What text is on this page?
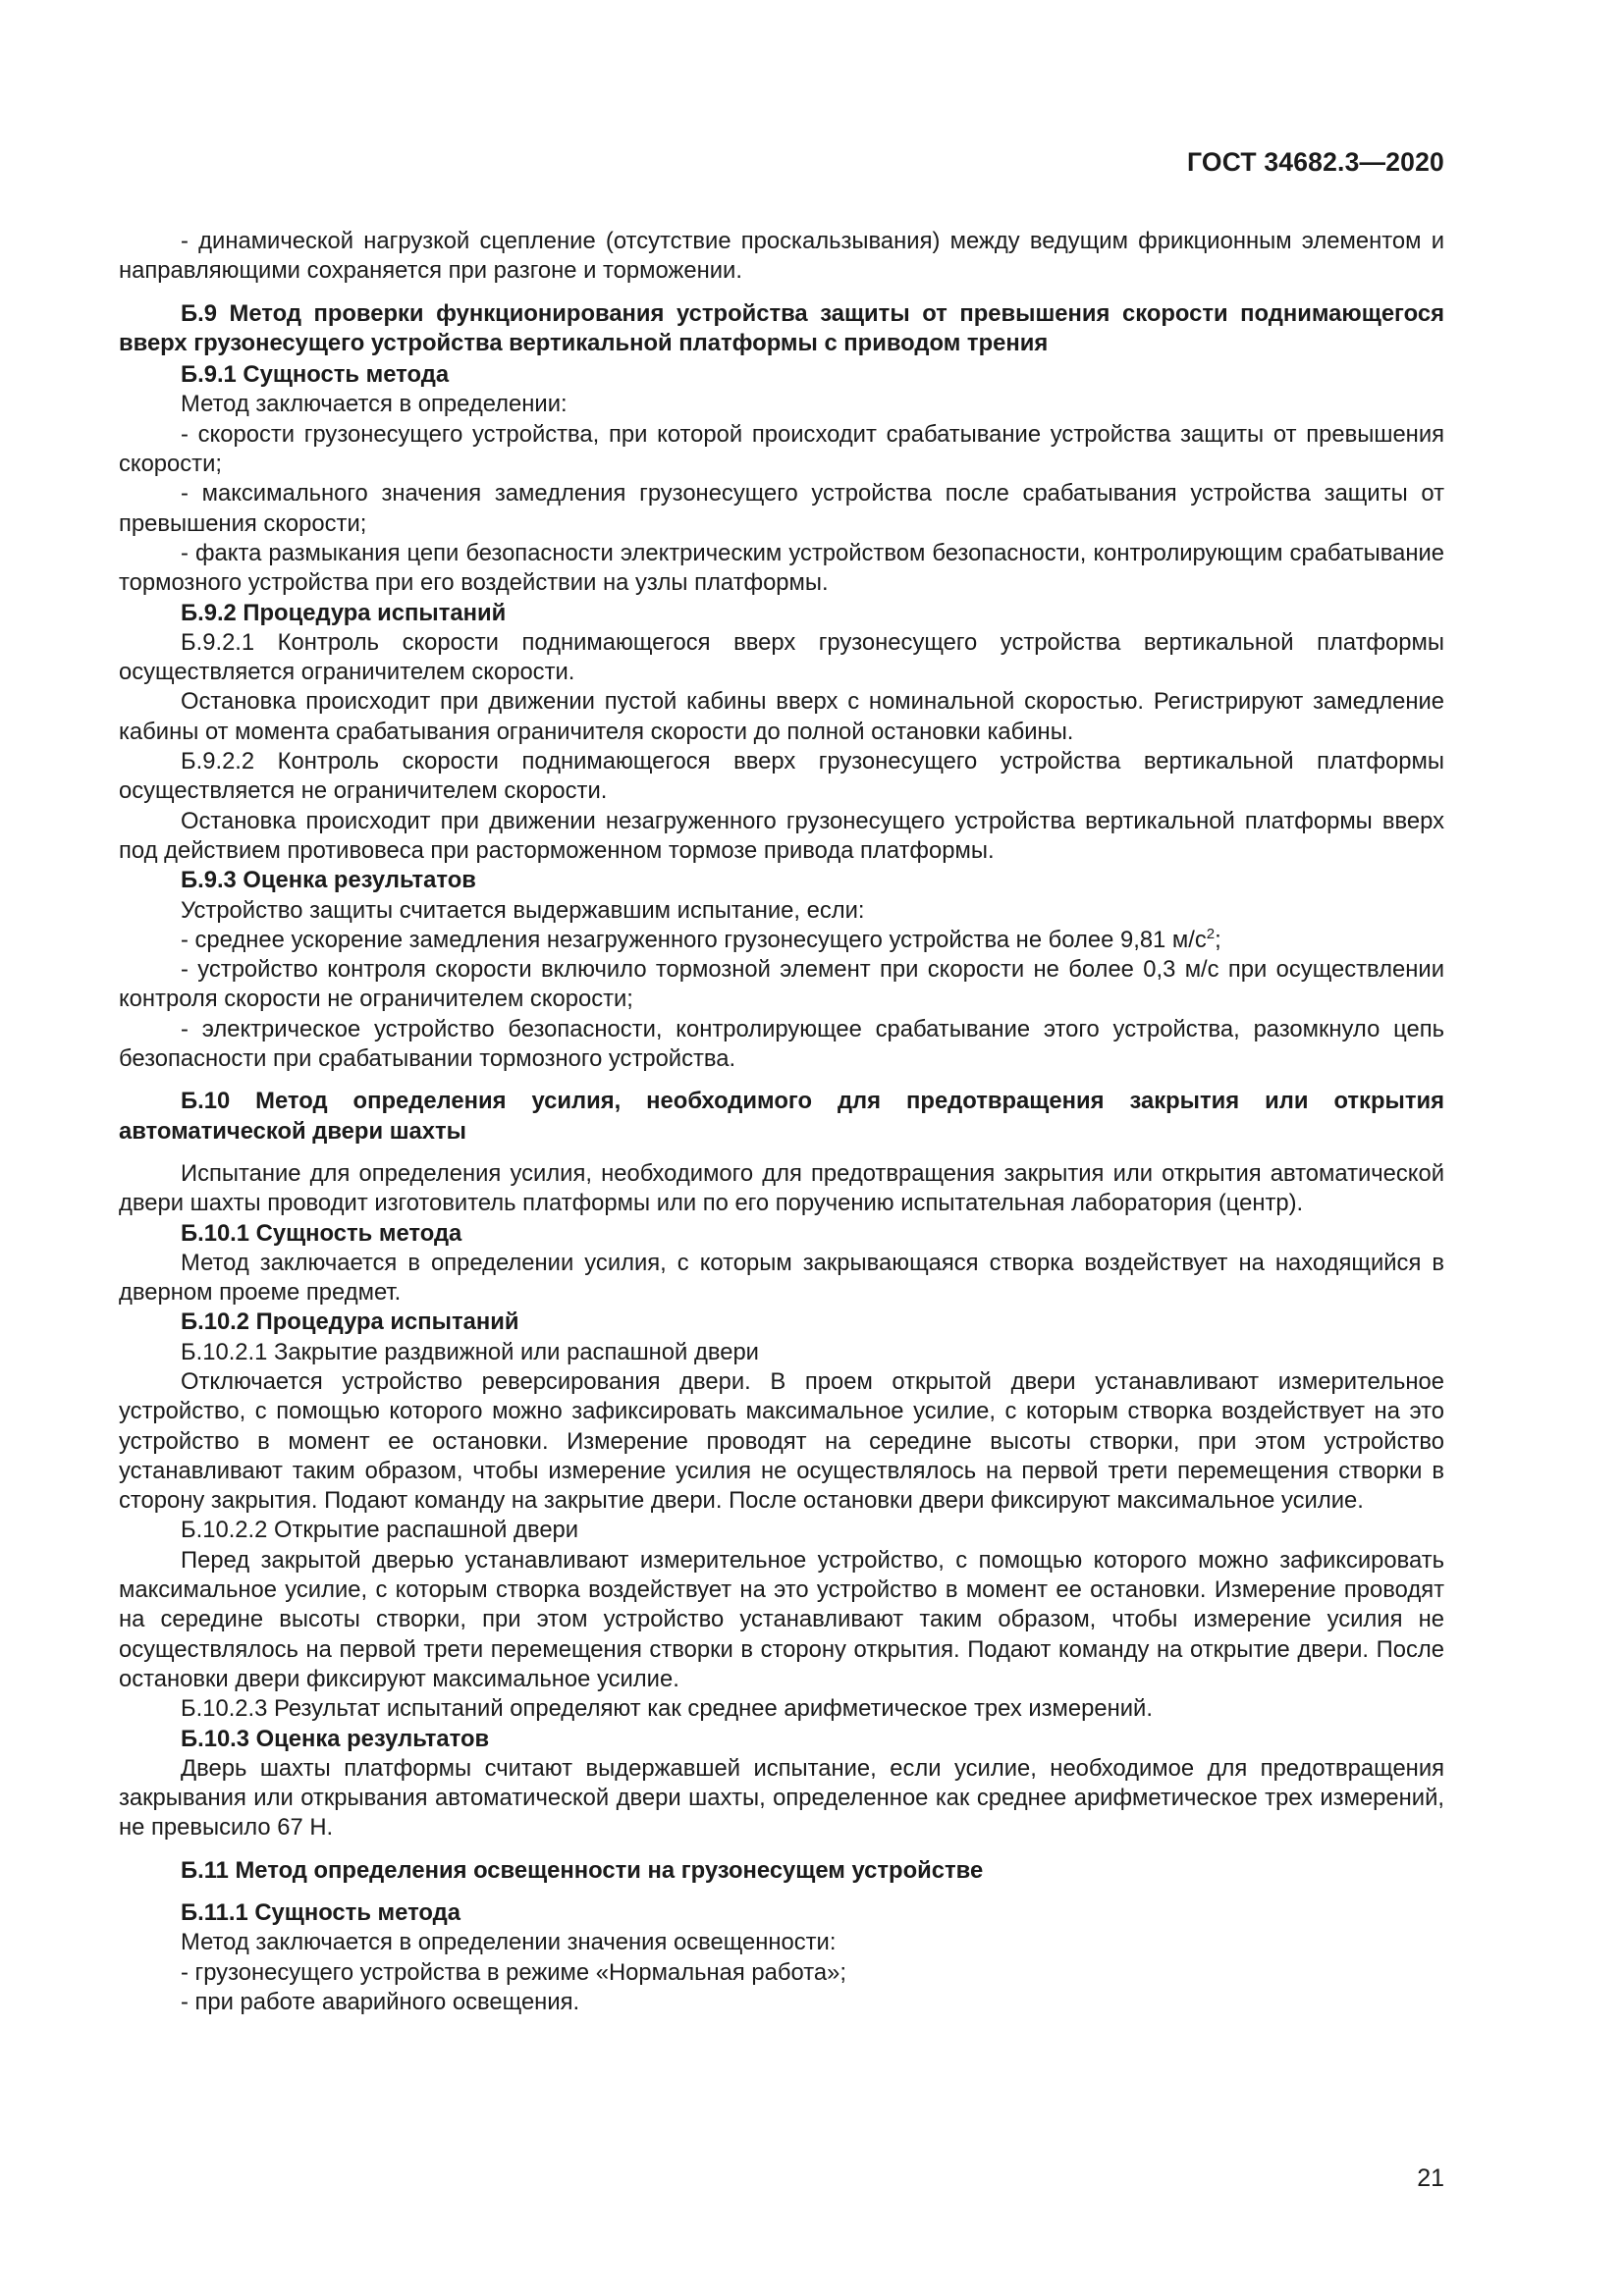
ГОСТ 34682.3—2020

- динамической нагрузкой сцепление (отсутствие проскальзывания) между ведущим фрикционным элементом и направляющими сохраняется при разгоне и торможении.

Б.9 Метод проверки функционирования устройства защиты от превышения скорости поднимающегося вверх грузонесущего устройства вертикальной платформы с приводом трения

Б.9.1 Сущность метода

Метод заключается в определении:

- скорости грузонесущего устройства, при которой происходит срабатывание устройства защиты от превышения скорости;

- максимального значения замедления грузонесущего устройства после срабатывания устройства защиты от превышения скорости;

- факта размыкания цепи безопасности электрическим устройством безопасности, контролирующим срабатывание тормозного устройства при его воздействии на узлы платформы.

Б.9.2 Процедура испытаний

Б.9.2.1 Контроль скорости поднимающегося вверх грузонесущего устройства вертикальной платформы осуществляется ограничителем скорости.

Остановка происходит при движении пустой кабины вверх с номинальной скоростью. Регистрируют замедление кабины от момента срабатывания ограничителя скорости до полной остановки кабины.

Б.9.2.2 Контроль скорости поднимающегося вверх грузонесущего устройства вертикальной платформы осуществляется не ограничителем скорости.

Остановка происходит при движении незагруженного грузонесущего устройства вертикальной платформы вверх под действием противовеса при расторможенном тормозе привода платформы.

Б.9.3 Оценка результатов

Устройство защиты считается выдержавшим испытание, если:

- среднее ускорение замедления незагруженного грузонесущего устройства не более 9,81 $м/с^2$;

- устройство контроля скорости включило тормозной элемент при скорости не более 0,3 м/с при осуществлении контроля скорости не ограничителем скорости;

- электрическое устройство безопасности, контролирующее срабатывание этого устройства, разомкнуло цепь безопасности при срабатывании тормозного устройства.

Б.10 Метод определения усилия, необходимого для предотвращения закрытия или открытия автоматической двери шахты

Испытание для определения усилия, необходимого для предотвращения закрытия или открытия автоматической двери шахты проводит изготовитель платформы или по его поручению испытательная лаборатория (центр).

Б.10.1 Сущность метода

Метод заключается в определении усилия, с которым закрывающаяся створка воздействует на находящийся в дверном проеме предмет.

Б.10.2 Процедура испытаний

Б.10.2.1 Закрытие раздвижной или распашной двери

Отключается устройство реверсирования двери. В проем открытой двери устанавливают измерительное устройство, с помощью которого можно зафиксировать максимальное усилие, с которым створка воздействует на это устройство в момент ее остановки. Измерение проводят на середине высоты створки, при этом устройство устанавливают таким образом, чтобы измерение усилия не осуществлялось на первой трети перемещения створки в сторону закрытия. Подают команду на закрытие двери. После остановки двери фиксируют максимальное усилие.

Б.10.2.2 Открытие распашной двери

Перед закрытой дверью устанавливают измерительное устройство, с помощью которого можно зафиксировать максимальное усилие, с которым створка воздействует на это устройство в момент ее остановки. Измерение проводят на середине высоты створки, при этом устройство устанавливают таким образом, чтобы измерение усилия не осуществлялось на первой трети перемещения створки в сторону открытия. Подают команду на открытие двери. После остановки двери фиксируют максимальное усилие.

Б.10.2.3 Результат испытаний определяют как среднее арифметическое трех измерений.

Б.10.3 Оценка результатов

Дверь шахты платформы считают выдержавшей испытание, если усилие, необходимое для предотвращения закрывания или открывания автоматической двери шахты, определенное как среднее арифметическое трех измерений, не превысило 67 Н.

Б.11 Метод определения освещенности на грузонесущем устройстве

Б.11.1 Сущность метода

Метод заключается в определении значения освещенности:

- грузонесущего устройства в режиме «Нормальная работа»;

- при работе аварийного освещения.

21
